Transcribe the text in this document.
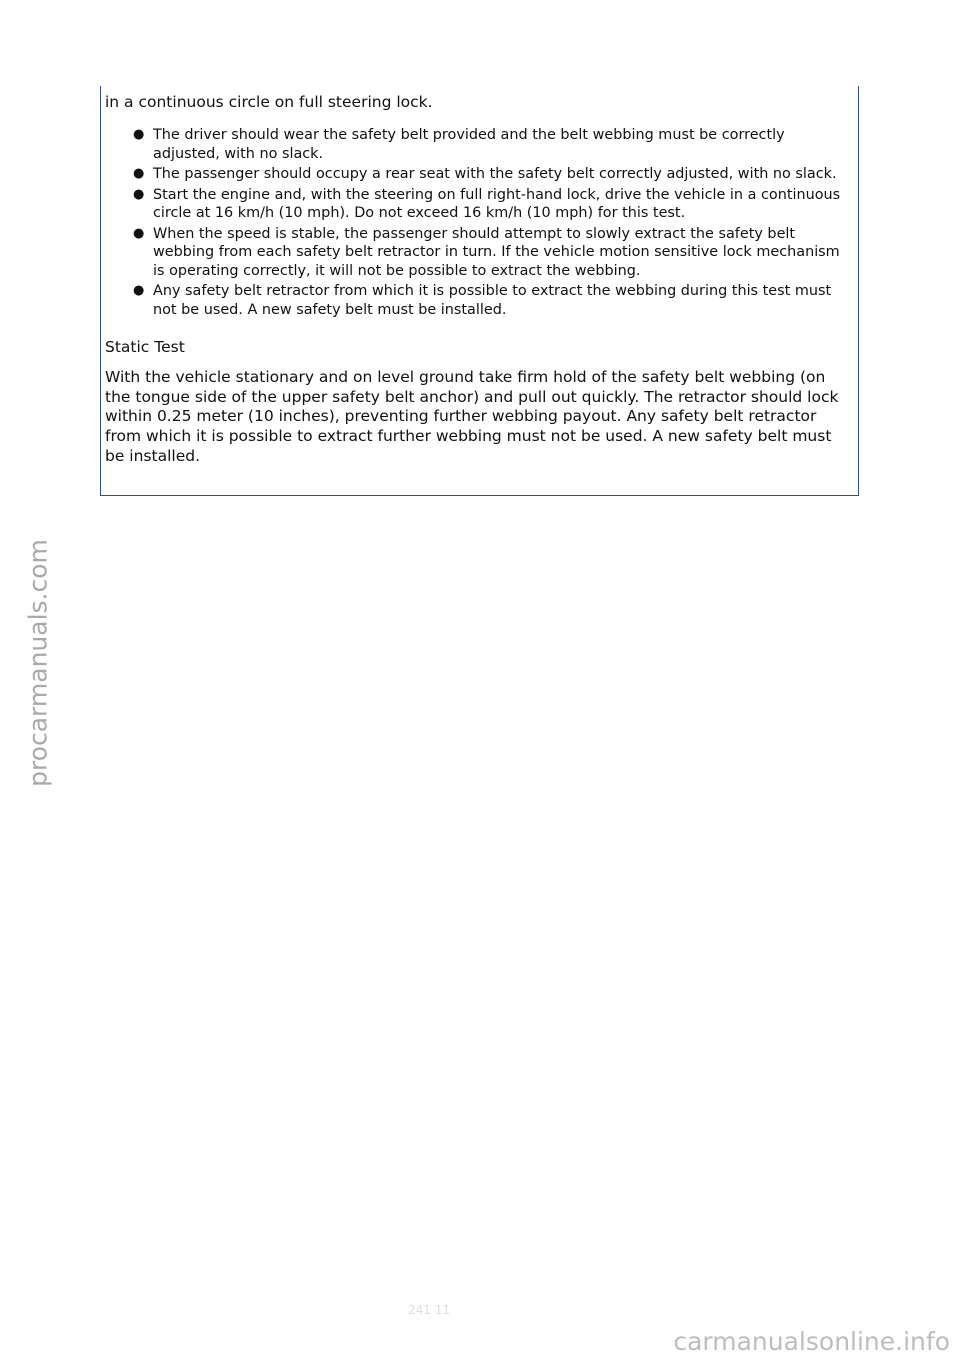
in a continuous circle on full steering lock.

● The driver should wear the safety belt provided and the belt webbing must be correctly adjusted, with no slack.
● The passenger should occupy a rear seat with the safety belt correctly adjusted, with no slack.
● Start the engine and, with the steering on full right-hand lock, drive the vehicle in a continuous circle at 16 km/h (10 mph). Do not exceed 16 km/h (10 mph) for this test.
● When the speed is stable, the passenger should attempt to slowly extract the safety belt webbing from each safety belt retractor in turn. If the vehicle motion sensitive lock mechanism is operating correctly, it will not be possible to extract the webbing.
● Any safety belt retractor from which it is possible to extract the webbing during this test must not be used. A new safety belt must be installed.

Static Test

With the vehicle stationary and on level ground take firm hold of the safety belt webbing (on the tongue side of the upper safety belt anchor) and pull out quickly. The retractor should lock within 0.25 meter (10 inches), preventing further webbing payout. Any safety belt retractor from which it is possible to extract further webbing must not be used. A new safety belt must be installed.

procarmanuals.com
241 11
carmanualsonline.info
